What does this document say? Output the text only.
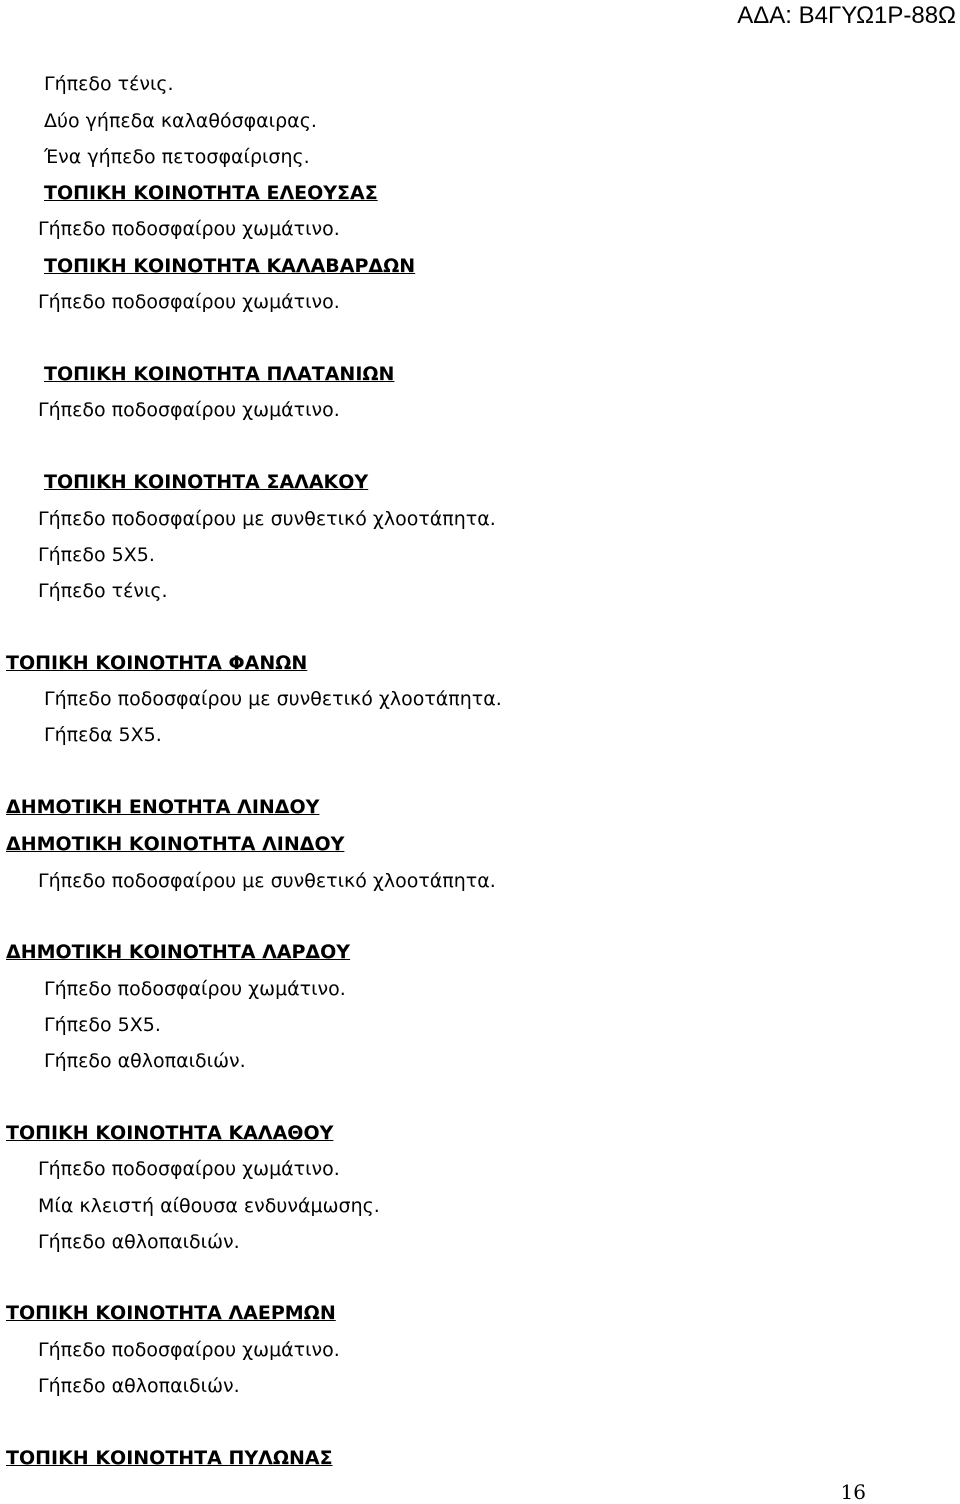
ΑΔΑ: Β4ΓΥΩ1Ρ-88Ω
Γήπεδο τένις.
Δύο γήπεδα καλαθόσφαιρας.
Ένα γήπεδο πετοσφαίρισης.
ΤΟΠΙΚΗ ΚΟΙΝΟΤΗΤΑ ΕΛΕΟΥΣΑΣ
Γήπεδο ποδοσφαίρου χωμάτινο.
ΤΟΠΙΚΗ ΚΟΙΝΟΤΗΤΑ ΚΑΛΑΒΑΡΔΩΝ
Γήπεδο ποδοσφαίρου χωμάτινο.
ΤΟΠΙΚΗ ΚΟΙΝΟΤΗΤΑ ΠΛΑΤΑΝΙΩΝ
Γήπεδο ποδοσφαίρου χωμάτινο.
ΤΟΠΙΚΗ ΚΟΙΝΟΤΗΤΑ ΣΑΛΑΚΟΥ
Γήπεδο ποδοσφαίρου με συνθετικό χλοοτάπητα.
Γήπεδο 5Χ5.
Γήπεδο τένις.
ΤΟΠΙΚΗ ΚΟΙΝΟΤΗΤΑ ΦΑΝΩΝ
Γήπεδο ποδοσφαίρου με συνθετικό χλοοτάπητα.
Γήπεδα 5Χ5.
ΔΗΜΟΤΙΚΗ ΕΝΟΤΗΤΑ ΛΙΝΔΟΥ
ΔΗΜΟΤΙΚΗ ΚΟΙΝΟΤΗΤΑ ΛΙΝΔΟΥ
Γήπεδο ποδοσφαίρου με συνθετικό χλοοτάπητα.
ΔΗΜΟΤΙΚΗ ΚΟΙΝΟΤΗΤΑ ΛΑΡΔΟΥ
Γήπεδο ποδοσφαίρου χωμάτινο.
Γήπεδο 5Χ5.
Γήπεδο αθλοπαιδιών.
ΤΟΠΙΚΗ ΚΟΙΝΟΤΗΤΑ ΚΑΛΑΘΟΥ
Γήπεδο ποδοσφαίρου χωμάτινο.
Μία κλειστή αίθουσα ενδυνάμωσης.
Γήπεδο αθλοπαιδιών.
ΤΟΠΙΚΗ ΚΟΙΝΟΤΗΤΑ ΛΑΕΡΜΩΝ
Γήπεδο ποδοσφαίρου χωμάτινο.
Γήπεδο αθλοπαιδιών.
ΤΟΠΙΚΗ ΚΟΙΝΟΤΗΤΑ ΠΥΛΩΝΑΣ
16
